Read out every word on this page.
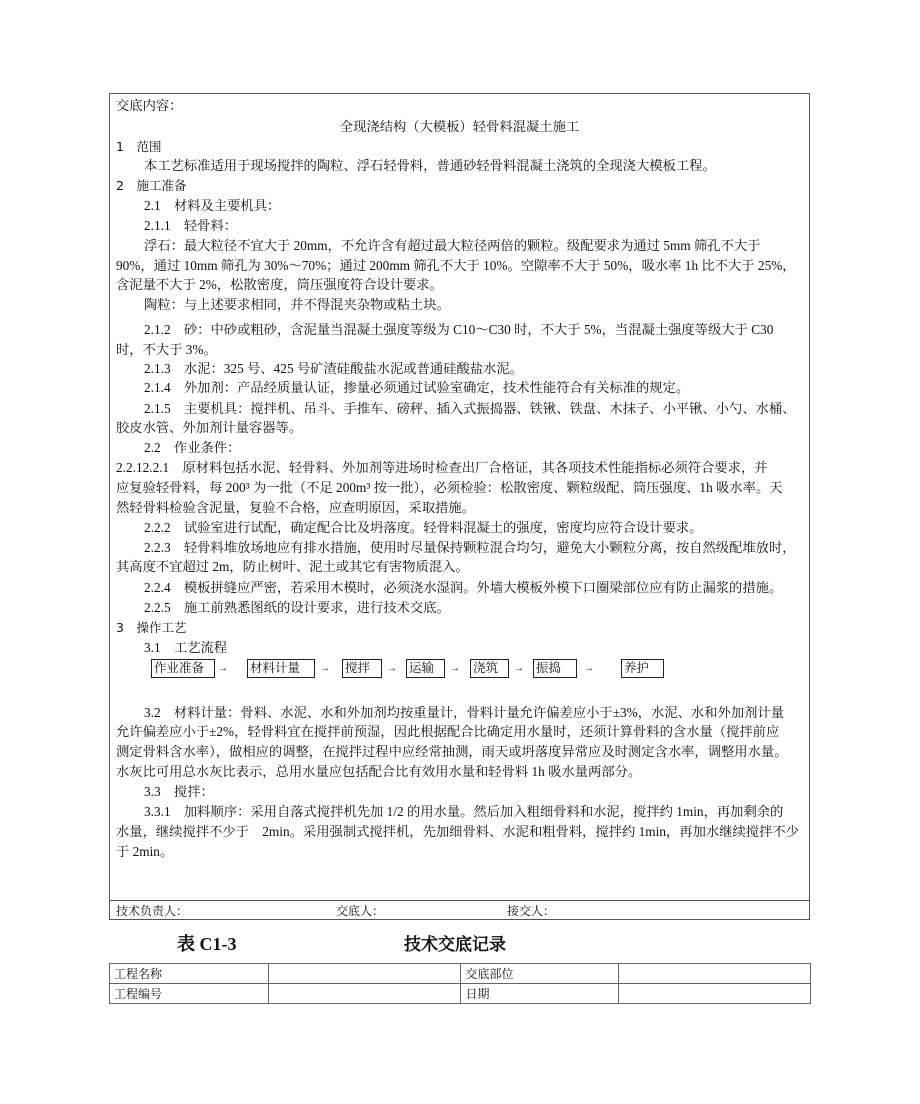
交底内容：
全现浇结构（大模板）轻骨料混凝土施工
1　范围
本工艺标准适用于现场搅拌的陶粒、浮石轻骨料，普通砂轻骨料混凝土浇筑的全现浇大模板工程。
2　施工准备
2.1　材料及主要机具：
2.1.1　轻骨料：
浮石：最大粒径不宜大于 20mm，不允许含有超过最大粒径两倍的颗粒。级配要求为通过 5mm 筛孔不大于
90%，通过 10mm 筛孔为 30%～70%；通过 200mm 筛孔不大于 10%。空隙率不大于 50%，吸水率 1h 比不大于 25%，
含泥量不大于 2%，松散密度，筒压强度符合设计要求。
陶粒：与上述要求相同，并不得混夹杂物或粘土块。
2.1.2　砂：中砂或粗砂，含泥量当混凝土强度等级为 C10～C30 时，不大于 5%，当混凝土强度等级大于 C30
时，不大于 3%。
2.1.3　水泥：325 号、425 号矿渣硅酸盐水泥或普通硅酸盐水泥。
2.1.4　外加剂：产品经质量认证，掺量必须通过试验室确定，技术性能符合有关标准的规定。
2.1.5　主要机具：搅拌机、吊斗、手推车、磅秤、插入式振捣器、铁锹、铁盘、木抹子、小平锹、小勺、水桶、
胶皮水管、外加剂计量容器等。
2.2　作业条件：
2.2.12.2.1　原材料包括水泥、轻骨料、外加剂等进场时检查出厂合格证，其各项技术性能指标必须符合要求，并
应复验轻骨料，每 200³ 为一批（不足 200m³ 按一批），必须检验：松散密度、颗粒级配、筒压强度、1h 吸水率。天
然轻骨料检验含泥量，复验不合格，应查明原因，采取措施。
2.2.2　试验室进行试配，确定配合比及坍落度。轻骨料混凝土的强度，密度均应符合设计要求。
2.2.3　轻骨料堆放场地应有排水措施，使用时尽量保持颗粒混合均匀，避免大小颗粒分离，按自然级配堆放时，
其高度不宜超过 2m，防止树叶、泥土或其它有害物质混入。
2.2.4　模板拼缝应严密，若采用木模时，必须浇水湿润。外墙大模板外模下口圈梁部位应有防止漏浆的措施。
2.2.5　施工前熟悉图纸的设计要求，进行技术交底。
3　操作工艺
3.1　工艺流程
作业准备	→ 材料计量	→ 搅拌	→ 运输	→ 浇筑	→ 振捣	→ 养护
3.2　材料计量：骨料、水泥、水和外加剂均按重量计，骨料计量允许偏差应小于±3%，水泥、水和外加剂计量
允许偏差应小于±2%，轻骨料宜在搅拌前预湿，因此根据配合比确定用水量时，还须计算骨料的含水量（搅拌前应
测定骨料含水率），做相应的调整，在搅拌过程中应经常抽测，雨天或坍落度异常应及时测定含水率，调整用水量。
水灰比可用总水灰比表示，总用水量应包括配合比有效用水量和轻骨料 1h 吸水量两部分。
3.3　搅拌：
3.3.1　加料顺序：采用自落式搅拌机先加 1/2 的用水量。然后加入粗细骨料和水泥，搅拌约 1min，再加剩余的
水量，继续搅拌不少于　2min。采用强制式搅拌机，先加细骨料、水泥和粗骨料，搅拌约 1min，再加水继续搅拌不少
于 2min。
技术负责人：	交底人：	接交人：
表 C1-3	技术交底记录
工程名称		交底部位	
工程编号		日期	
